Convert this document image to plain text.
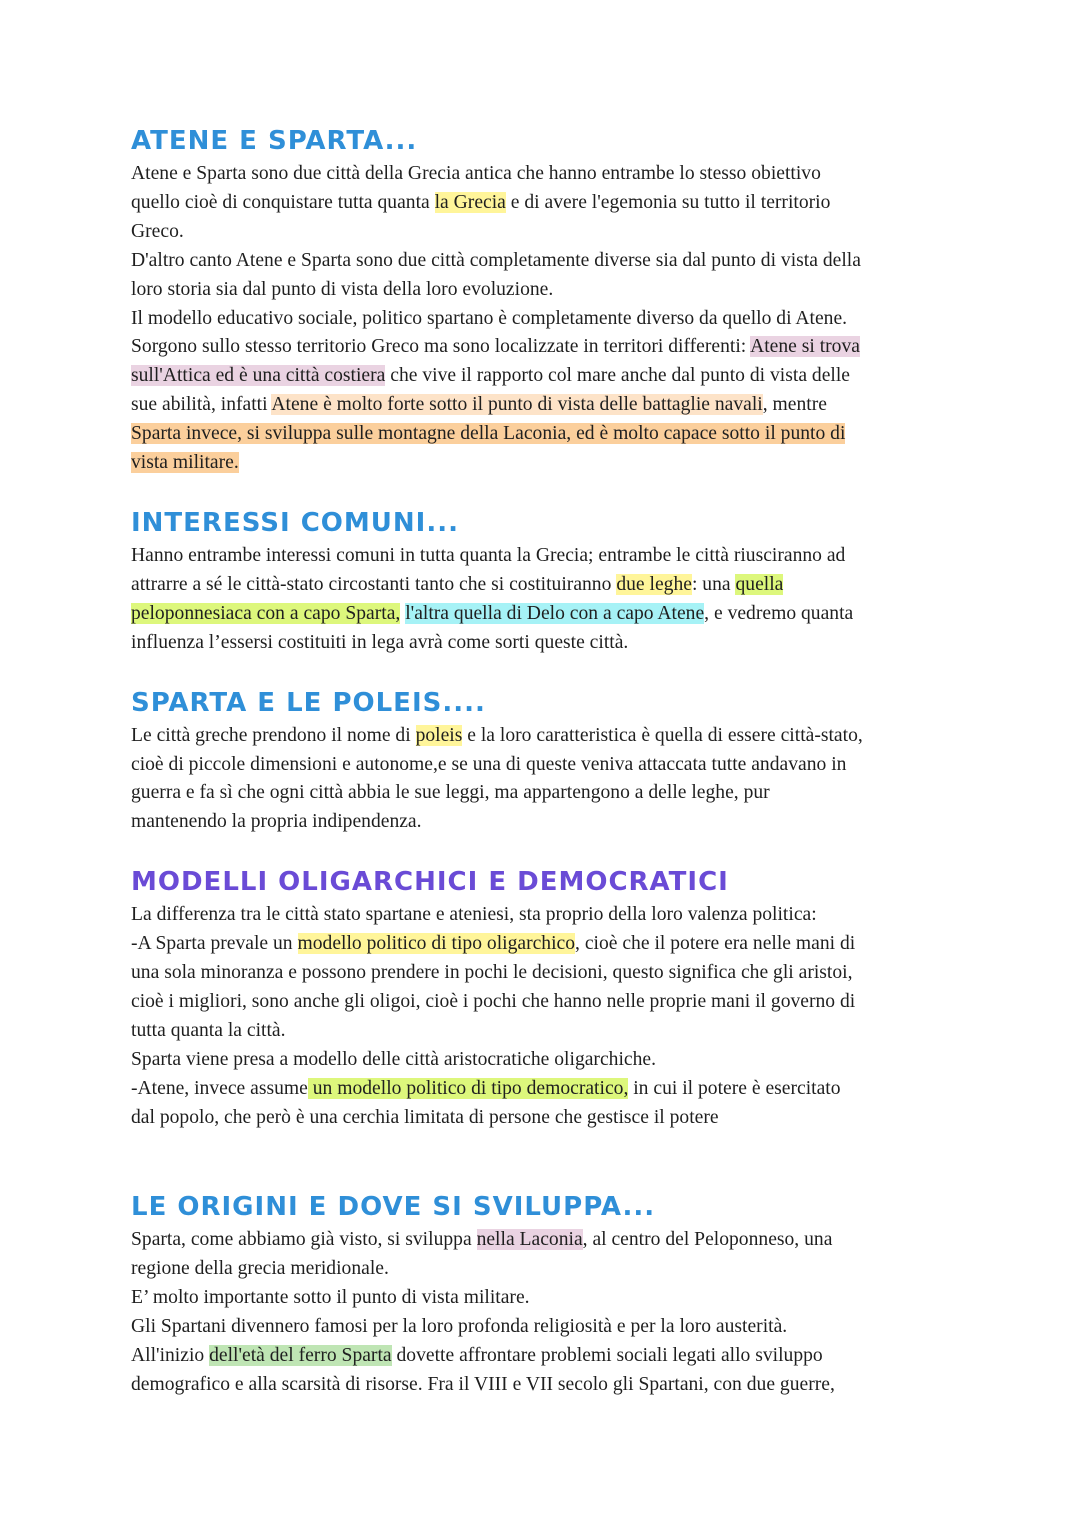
ATENE E SPARTA...
Atene e Sparta sono due città della Grecia antica che hanno entrambe lo stesso obiettivo
quello cioè di conquistare tutta quanta la Grecia e di avere l'egemonia su tutto il territorio
Greco.
D'altro canto Atene e Sparta sono due città completamente diverse sia dal punto di vista della
loro storia sia dal punto di vista della loro evoluzione.
Il modello educativo sociale, politico spartano è completamente diverso da quello di Atene.
Sorgono sullo stesso territorio Greco ma sono localizzate in territori differenti: Atene si trova
sull'Attica ed è una città costiera che vive il rapporto col mare anche dal punto di vista delle
sue abilità, infatti Atene è molto forte sotto il punto di vista delle battaglie navali, mentre
Sparta invece, si sviluppa sulle montagne della Laconia, ed è molto capace sotto il punto di
vista militare.
INTERESSI COMUNI...
Hanno entrambe interessi comuni in tutta quanta la Grecia; entrambe le città riusciranno ad
attrarre a sé le città-stato circostanti tanto che si costituiranno due leghe: una quella
peloponnesiaca con a capo Sparta, l'altra quella di Delo con a capo Atene, e vedremo quanta
influenza l’essersi costituiti in lega avrà come sorti queste città.
SPARTA E LE POLEIS....
Le città greche prendono il nome di poleis e la loro caratteristica è quella di essere città-stato,
cioè di piccole dimensioni e autonome,e se una di queste veniva attaccata tutte andavano in
guerra e fa sì che ogni città abbia le sue leggi, ma appartengono a delle leghe, pur
mantenendo la propria indipendenza.
MODELLI OLIGARCHICI E DEMOCRATICI
La differenza tra le città stato spartane e ateniesi, sta proprio della loro valenza politica:
-A Sparta prevale un modello politico di tipo oligarchico, cioè che il potere era nelle mani di
una sola minoranza e possono prendere in pochi le decisioni, questo significa che gli aristoi,
cioè i migliori, sono anche gli oligoi, cioè i pochi che hanno nelle proprie mani il governo di
tutta quanta la città.
Sparta viene presa a modello delle città aristocratiche oligarchiche.
-Atene, invece assume un modello politico di tipo democratico, in cui il potere è esercitato
dal popolo, che però è una cerchia limitata di persone che gestisce il potere
LE ORIGINI E DOVE SI SVILUPPA...
Sparta, come abbiamo già visto, si sviluppa nella Laconia, al centro del Peloponneso, una
regione della grecia meridionale.
E’ molto importante sotto il punto di vista militare.
Gli Spartani divennero famosi per la loro profonda religiosità e per la loro austerità.
All'inizio dell'età del ferro Sparta dovette affrontare problemi sociali legati allo sviluppo
demografico e alla scarsità di risorse. Fra il VIII e VII secolo gli Spartani, con due guerre,
